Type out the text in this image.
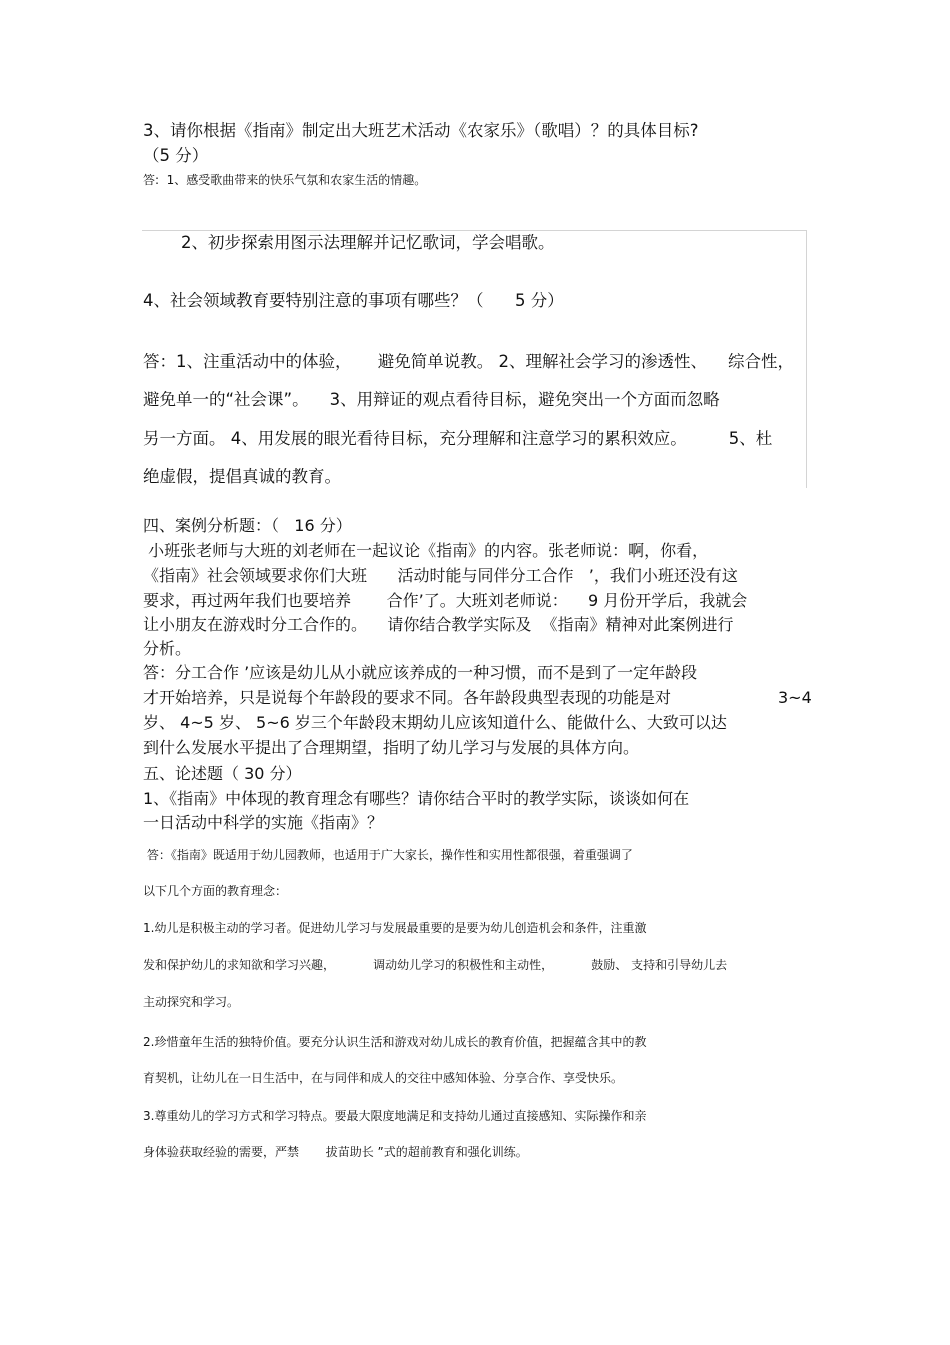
3、请你根据《指南》制定出大班艺术活动《农家乐》（歌唱）？的具体目标?
（5 分）
答:  1、感受歌曲带来的快乐气氛和农家生活的情趣。
2、初步探索用图示法理解并记忆歌词，学会唱歌。
4、社会领域教育要特别注意的事项有哪些？（      5 分）
答：1、注重活动中的体验，     避免简单说教。 2、理解社会学习的渗透性、    综合性，
避免单一的“社会课”。    3、用辩证的观点看待目标，避免突出一个方面而忽略
另一方面。 4、用发展的眼光看待目标，充分理解和注意学习的累积效应。        5、杜
绝虚假，提倡真诚的教育。
四、案例分析题：（   16 分）
小班张老师与大班的刘老师在一起议论《指南》的内容。张老师说：啊，你看，
《指南》社会领域要求你们大班      活动时能与同伴分工合作   ’，我们小班还没有这
要求，再过两年我们也要培养       合作’了。大班刘老师说：    9 月份开学后，我就会
让小朋友在游戏时分工合作的。    请你结合教学实际及  《指南》精神对此案例进行
分析。
答：分工合作 ’应该是幼儿从小就应该养成的一种习惯，而不是到了一定年龄段
才开始培养，只是说每个年龄段的要求不同。各年龄段典型表现的功能是对	3~4
岁、 4~5 岁、 5~6 岁三个年龄段末期幼儿应该知道什么、能做什么、大致可以达
到什么发展水平提出了合理期望，指明了幼儿学习与发展的具体方向。
五、论述题（ 30 分）
1、《指南》中体现的教育理念有哪些？请你结合平时的教学实际，谈谈如何在
一日活动中科学的实施《指南》？
答：《指南》既适用于幼儿园教师，也适用于广大家长，操作性和实用性都很强，着重强调了
以下几个方面的教育理念：
1.幼儿是积极主动的学习者。促进幼儿学习与发展最重要的是要为幼儿创造机会和条件，注重激
发和保护幼儿的求知欲和学习兴趣，          调动幼儿学习的积极性和主动性，          鼓励、 支持和引导幼儿去
主动探究和学习。
2.珍惜童年生活的独特价值。要充分认识生活和游戏对幼儿成长的教育价值，把握蕴含其中的教
育契机，让幼儿在一日生活中，在与同伴和成人的交往中感知体验、分享合作、享受快乐。
3.尊重幼儿的学习方式和学习特点。要最大限度地满足和支持幼儿通过直接感知、实际操作和亲
身体验获取经验的需要，严禁       拔苗助长 ”式的超前教育和强化训练。
